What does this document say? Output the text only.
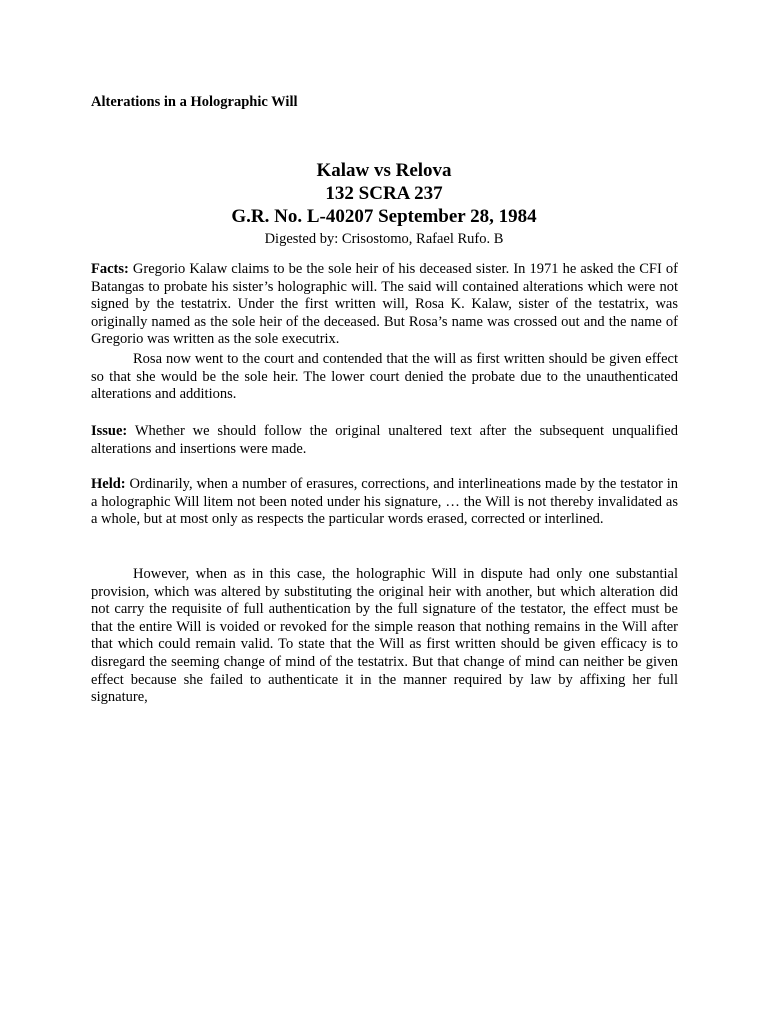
Alterations in a Holographic Will

Kalaw vs Relova

132 SCRA 237

G.R. No. L-40207 September 28, 1984

Digested by: Crisostomo, Rafael Rufo. B

Facts: Gregorio Kalaw claims to be the sole heir of his deceased sister. In 1971 he asked the CFI of Batangas to probate his sister’s holographic will. The said will contained alterations which were not signed by the testatrix. Under the first written will, Rosa K. Kalaw, sister of the testatrix, was originally named as the sole heir of the deceased. But Rosa’s name was crossed out and the name of Gregorio was written as the sole executrix.

Rosa now went to the court and contended that the will as first written should be given effect so that she would be the sole heir. The lower court denied the probate due to the unauthenticated alterations and additions.

Issue: Whether we should follow the original unaltered text after the subsequent unqualified alterations and insertions were made.

Held: Ordinarily, when a number of erasures, corrections, and interlineations made by the testator in a holographic Will litem not been noted under his signature, … the Will is not thereby invalidated as a whole, but at most only as respects the particular words erased, corrected or interlined.

However, when as in this case, the holographic Will in dispute had only one substantial provision, which was altered by substituting the original heir with another, but which alteration did not carry the requisite of full authentication by the full signature of the testator, the effect must be that the entire Will is voided or revoked for the simple reason that nothing remains in the Will after that which could remain valid. To state that the Will as first written should be given efficacy is to disregard the seeming change of mind of the testatrix. But that change of mind can neither be given effect because she failed to authenticate it in the manner required by law by affixing her full signature,
